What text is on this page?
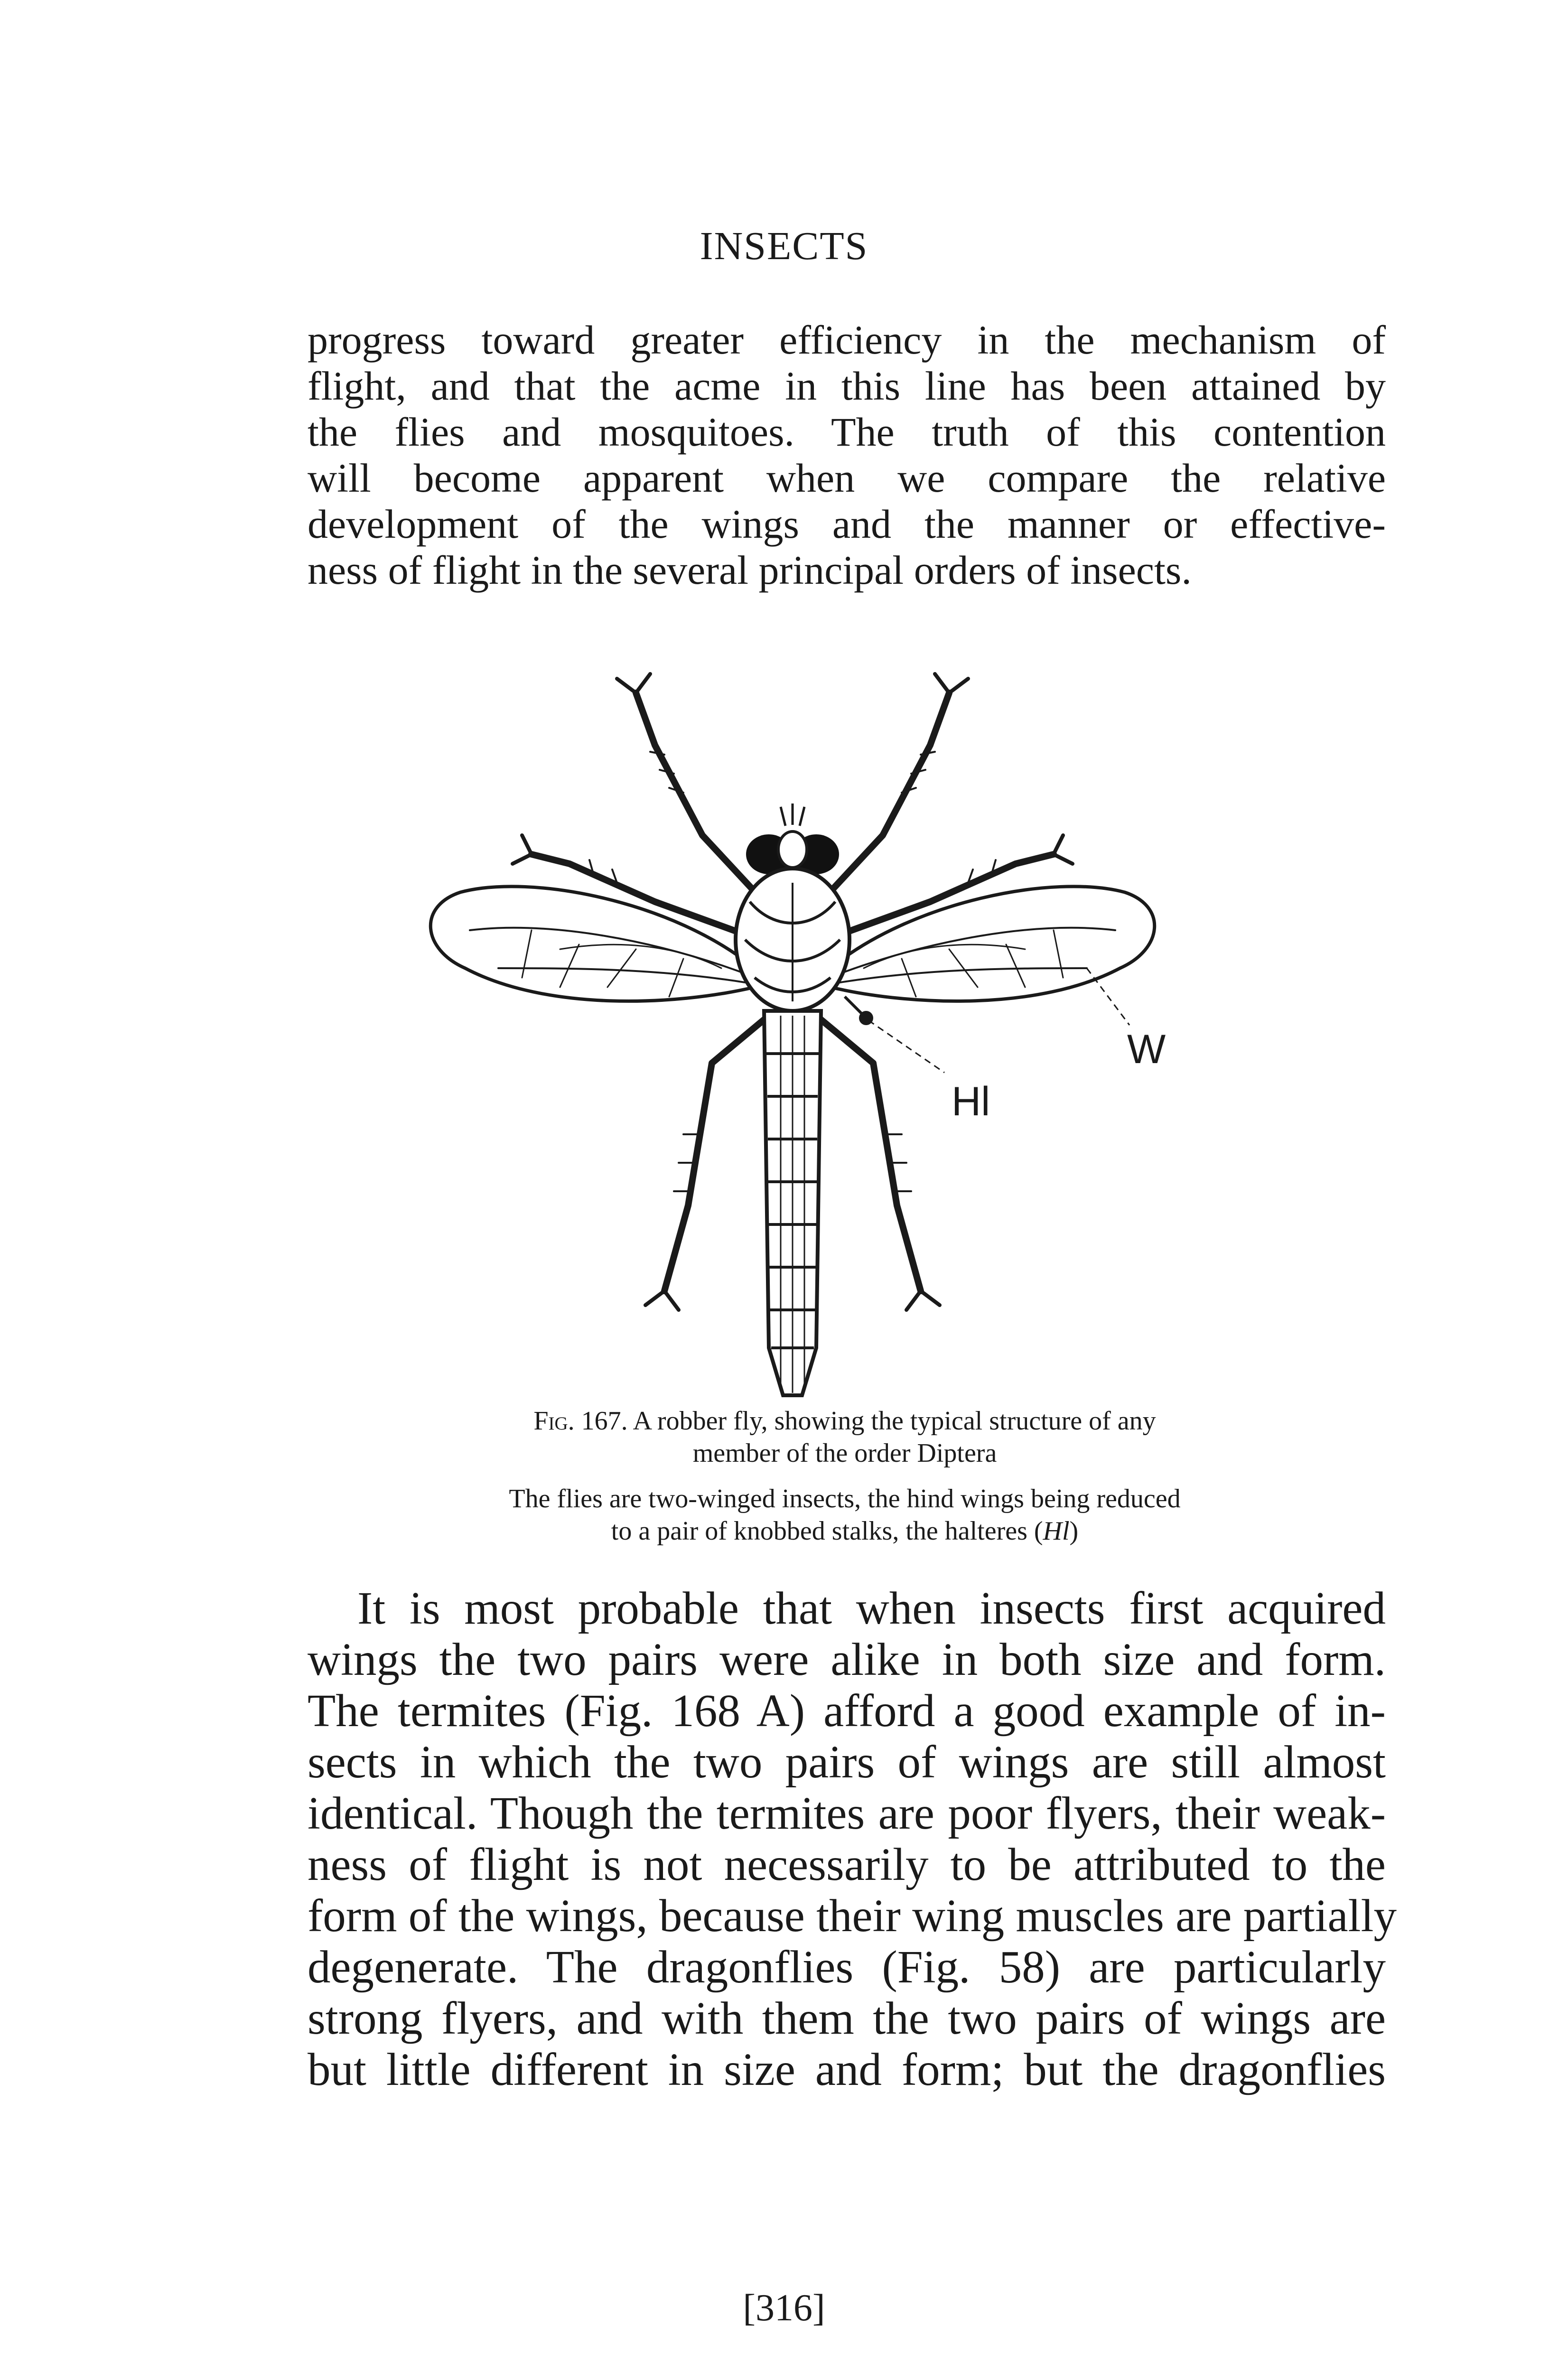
INSECTS
progress toward greater efficiency in the mechanism of
flight, and that the acme in this line has been attained by
the flies and mosquitoes. The truth of this contention
will become apparent when we compare the relative
development of the wings and the manner or effective-
ness of flight in the several principal orders of insects.
Hl
W
Fig. 167. A robber fly, showing the typical structure of any
member of the order Diptera
The flies are two-winged insects, the hind wings being reduced
to a pair of knobbed stalks, the halteres (Hl)
It is most probable that when insects first acquired
wings the two pairs were alike in both size and form.
The termites (Fig. 168 A) afford a good example of in-
sects in which the two pairs of wings are still almost
identical. Though the termites are poor flyers, their weak-
ness of flight is not necessarily to be attributed to the
form of the wings, because their wing muscles are partially
degenerate. The dragonflies (Fig. 58) are particularly
strong flyers, and with them the two pairs of wings are
but little different in size and form; but the dragonflies
[316]
